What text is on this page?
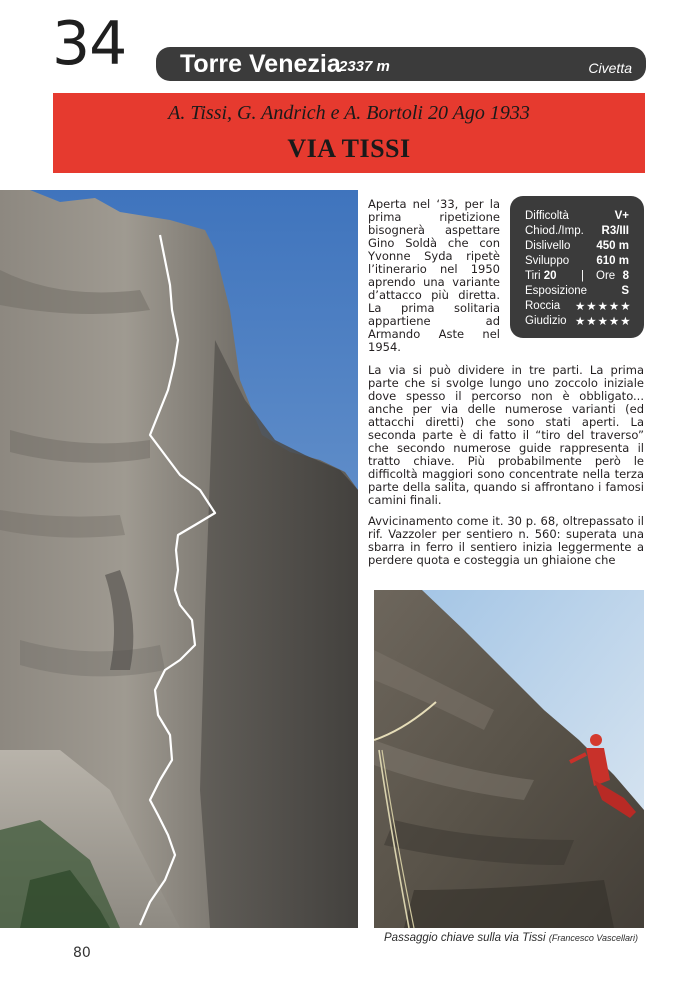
34 Torre Venezia
2337 m	Civetta
A. Tissi, G. Andrich e A. Bortoli 20 Ago 1933
VIA TISSI

Aperta nel ‘33, per la prima ripetizione bisognerà aspettare Gino Soldà che con Yvonne Syda ripetè l’itinerario nel 1950 aprendo una variante d’attacco più diretta. La prima solitaria appartiene ad Armando Aste nel 1954.

Difficoltà	V+
Chiod./Imp. R3/III
Dislivello 450 m
Sviluppo 610 m
Tiri 20 | Ore 8
Esposizione	S
Roccia ★★★★★
Giudizio ★★★★★

La via si può dividere in tre parti. La prima parte che si svolge lungo uno zoccolo iniziale dove spesso il percorso non è obbligato... anche per via delle numerose varianti (ed attacchi diretti) che sono stati aperti. La seconda parte è di fatto il “tiro del traverso” che secondo numerose guide rappresenta il tratto chiave. Più probabilmente però le difficoltà maggiori sono concentrate nella terza parte della salita, quando si affrontano i famosi camini finali.

Avvicinamento come it. 30 p. 68, oltrepassato il rif. Vazzoler per sentiero n. 560: superata una sbarra in ferro il sentiero inizia leggermente a perdere quota e costeggia un ghiaione che

Passaggio chiave sulla via Tissi (Francesco Vascellari)
80
